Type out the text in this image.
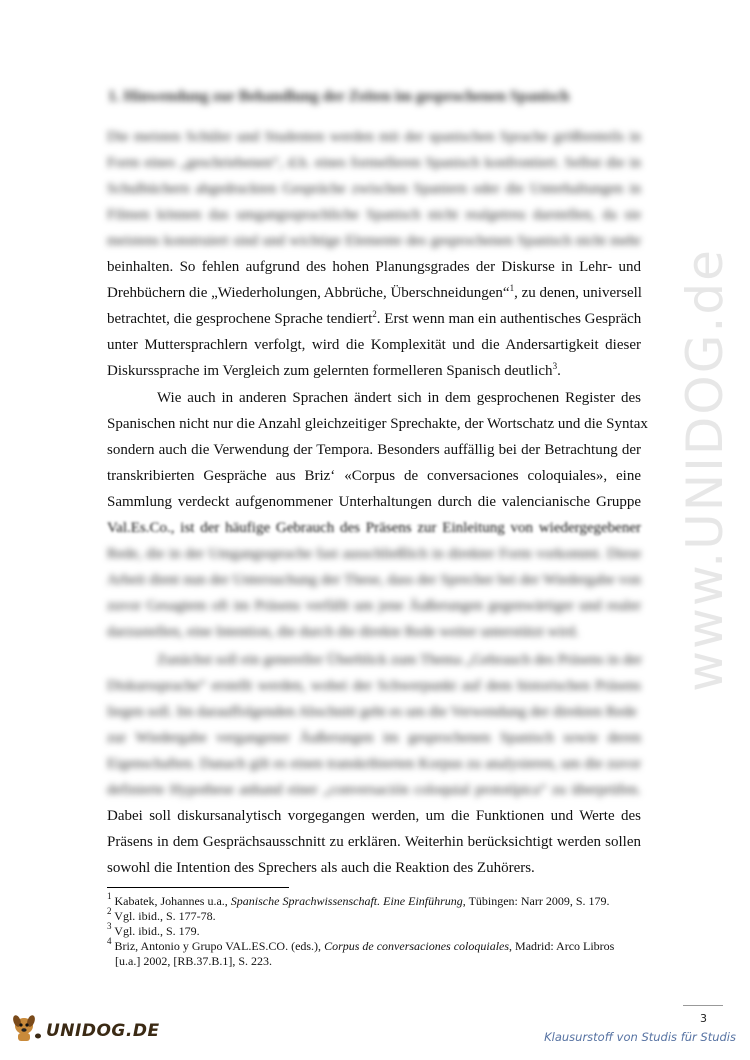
www.UNIDOG.de
1. Hinwendung zur Behandlung der Zeiten im gesprochenen Spanisch
Die meisten Schüler und Studenten werden mit der spanischen Sprache größtenteils in
Form eines „geschriebenen“, d.h. eines formelleren Spanisch konfrontiert. Selbst die in
Schulbüchern abgedruckten Gespräche zwischen Spaniern oder die Unterhaltungen in
Filmen können das umgangssprachliche Spanisch nicht realgetreu darstellen, da sie
meistens konstruiert sind und wichtige Elemente des gesprochenen Spanisch nicht mehr
beinhalten. So fehlen aufgrund des hohen Planungsgrades der Diskurse in Lehr- und
Drehbüchern die „Wiederholungen, Abbrüche, Überschneidungen“$^1$, zu denen, universell
betrachtet, die gesprochene Sprache tendiert$^2$. Erst wenn man ein authentisches Gespräch
unter Muttersprachlern verfolgt, wird die Komplexität und die Andersartigkeit dieser
Diskurssprache im Vergleich zum gelernten formelleren Spanisch deutlich$^3$.
Wie auch in anderen Sprachen ändert sich in dem gesprochenen Register des
Spanischen nicht nur die Anzahl gleichzeitiger Sprechakte, der Wortschatz und die Syntax
sondern auch die Verwendung der Tempora. Besonders auffällig bei der Betrachtung der
transkribierten Gespräche aus Briz‘ «Corpus de conversaciones coloquiales», eine
Sammlung verdeckt aufgenommener Unterhaltungen durch die valencianische Gruppe
Val.Es.Co., ist der häufige Gebrauch des Präsens zur Einleitung von wiedergegebener
Rede, die in der Umgangssprache fast ausschließlich in direkter Form vorkommt. Diese
Arbeit dient nun der Untersuchung der These, dass der Sprecher bei der Wiedergabe von
zuvor Gesagtem oft im Präsens verfällt um jene Äußerungen gegenwärtiger und realer
darzustellen, eine Intention, die durch die direkte Rede weiter unterstützt wird.
Zunächst soll ein genereller Überblick zum Thema „Gebrauch des Präsens in der
Diskurssprache“ erstellt werden, wobei der Schwerpunkt auf dem historischen Präsens
liegen soll. Im darauffolgenden Abschnitt geht es um die Verwendung der direkten Rede
zur Wiedergabe vergangener Äußerungen im gesprochenen Spanisch sowie deren
Eigenschaften. Danach gilt es einen transkribierten Korpus zu analysieren, um die zuvor
definierte Hypothese anhand einer „conversación coloquial prototípica“ zu überprüfen.
Dabei soll diskursanalytisch vorgegangen werden, um die Funktionen und Werte des
Präsens in dem Gesprächsausschnitt zu erklären. Weiterhin berücksichtigt werden sollen
sowohl die Intention des Sprechers als auch die Reaktion des Zuhörers.
$^1$ Kabatek, Johannes u.a., Spanische Sprachwissenschaft. Eine Einführung, Tübingen: Narr 2009, S. 179.
$^2$ Vgl. ibid., S. 177-78.
$^3$ Vgl. ibid., S. 179.
$^4$ Briz, Antonio y Grupo VAL.ES.CO. (eds.), Corpus de conversaciones coloquiales, Madrid: Arco Libros
[u.a.] 2002, [RB.37.B.1], S. 223.
3
UNIDOG.DE	Klausurstoff von Studis für Studis
